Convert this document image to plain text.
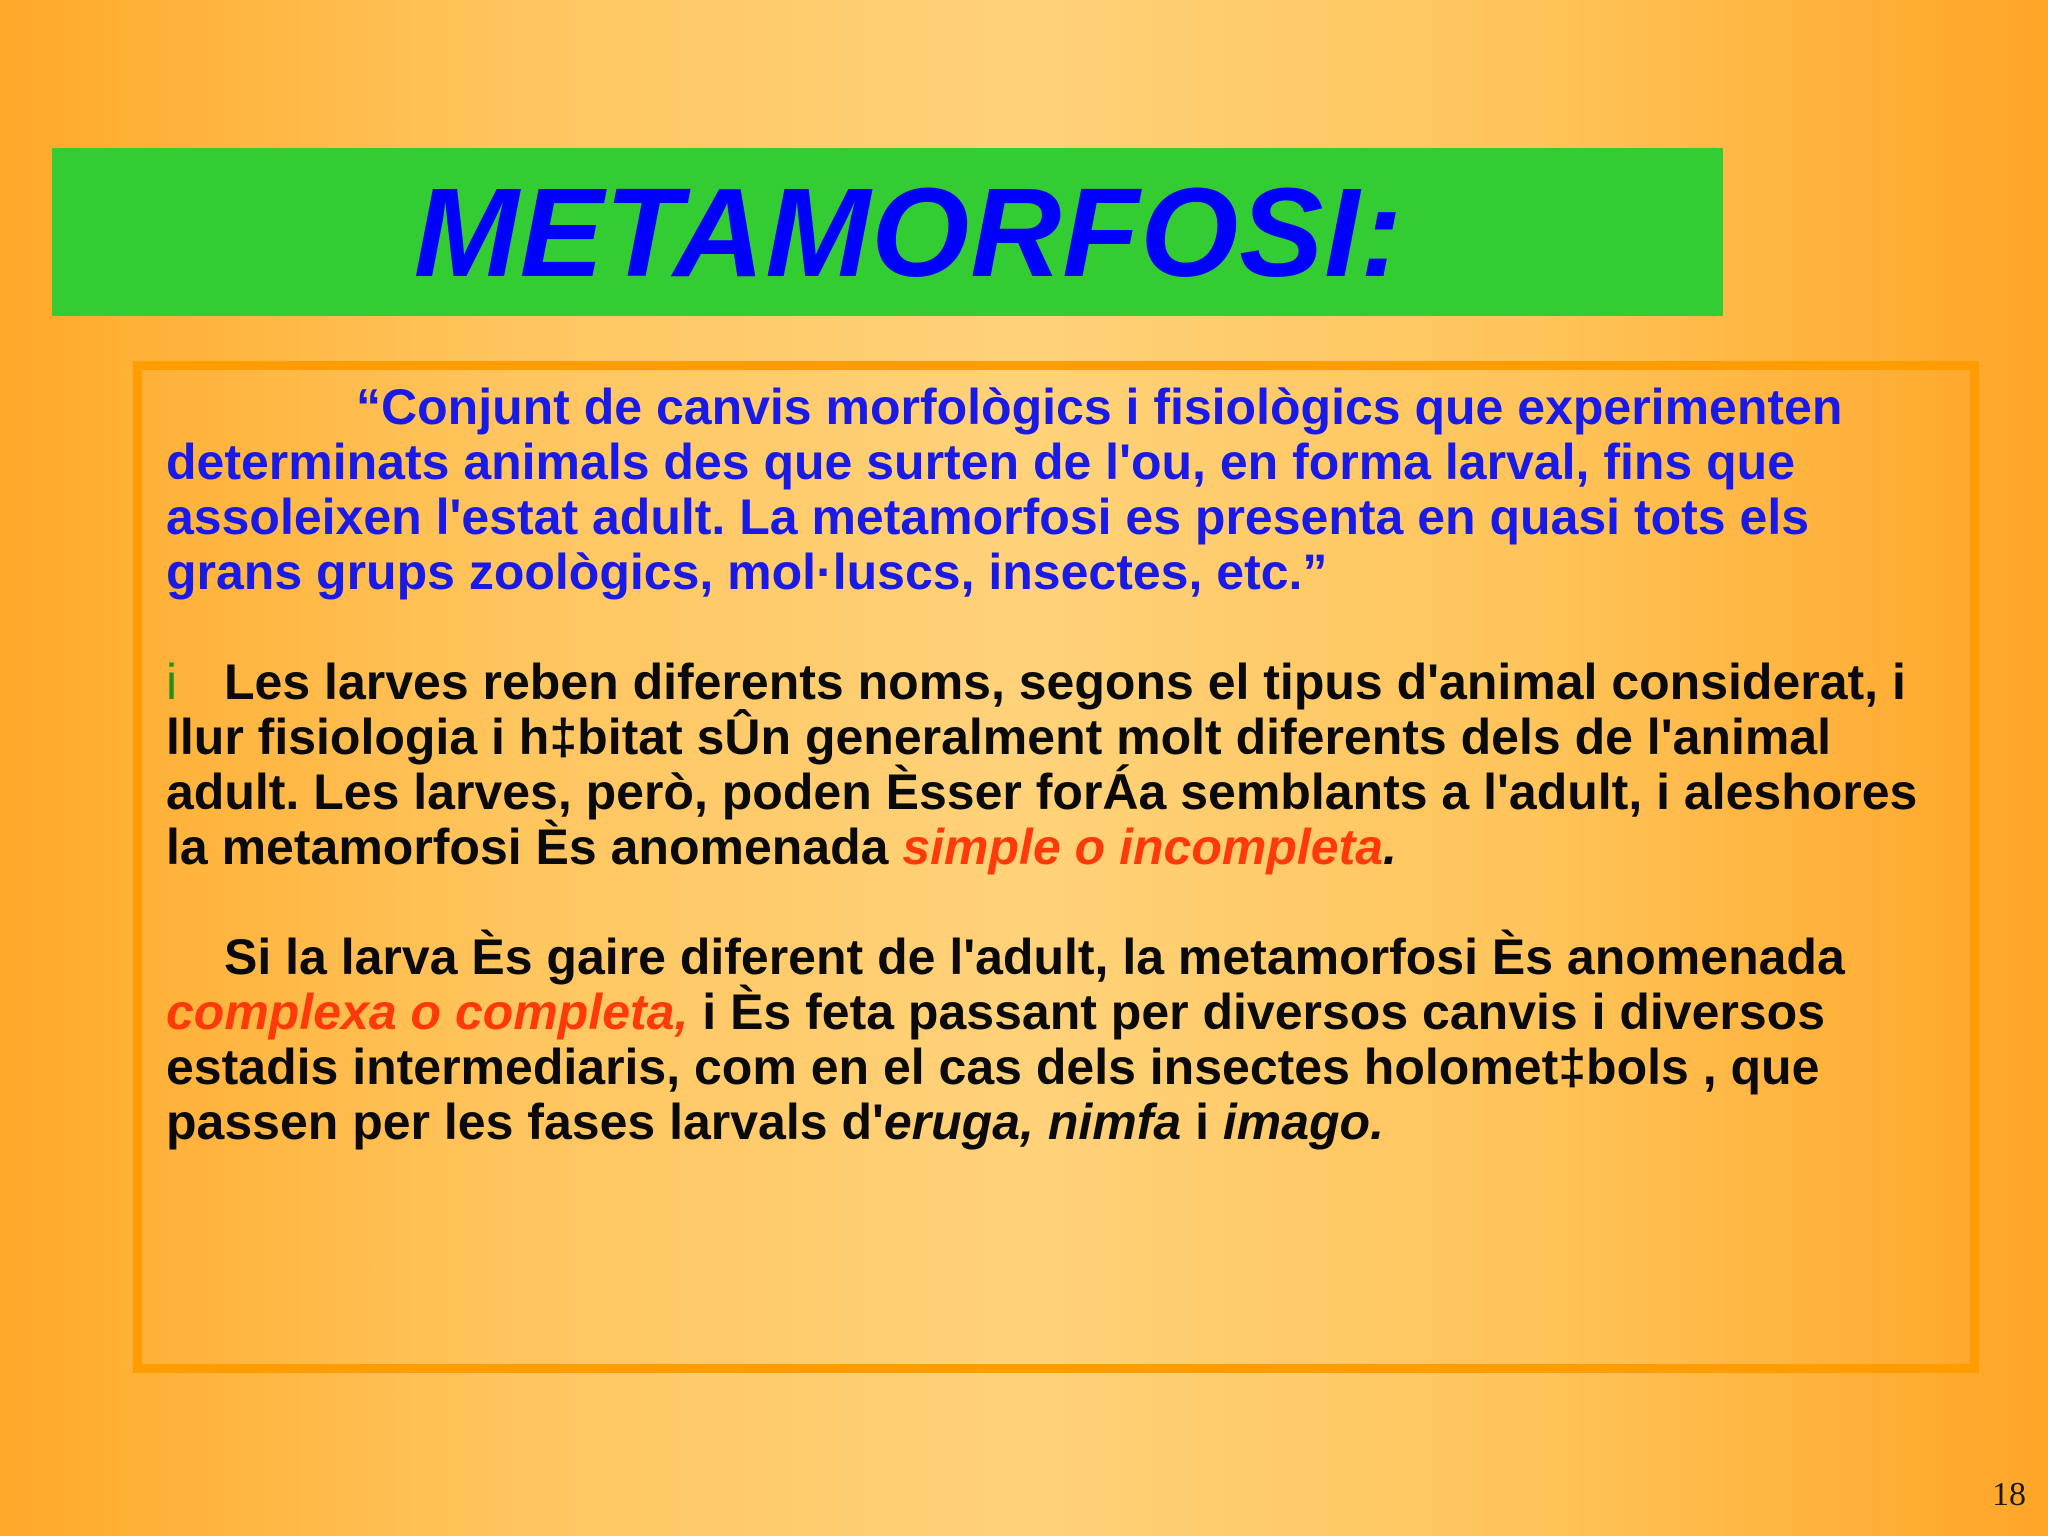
METAMORFOSI:

“Conjunt de canvis morfològics i fisiològics que experimenten determinats animals des que surten de l'ou, en forma larval, fins que assoleixen l'estat adult. La metamorfosi es presenta en quasi tots els grans grups zoològics, mol·luscs, insectes, etc.”

i Les larves reben diferents noms, segons el tipus d'animal considerat, i llur fisiologia i h‡bitat sÛn generalment molt diferents dels de l'animal adult. Les larves, però, poden Èsser forÁa semblants a l'adult, i aleshores la metamorfosi Ès anomenada simple o incompleta.

Si la larva Ès gaire diferent de l'adult, la metamorfosi Ès anomenada complexa o completa, i Ès feta passant per diversos canvis i diversos estadis intermediaris, com en el cas dels insectes holomet‡bols , que passen per les fases larvals d'eruga, nimfa i imago.

18
